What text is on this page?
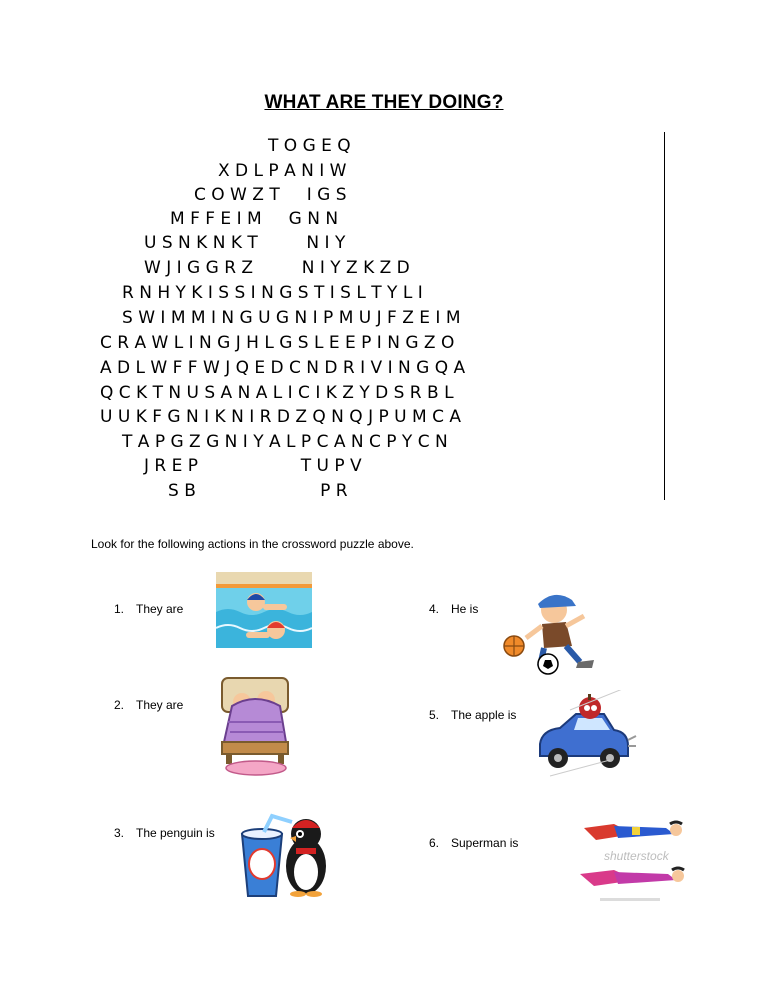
WHAT ARE THEY DOING?
T O G E Q
X D L P A N I W
C O W Z T     I G S
M F F E I M     G N N
U S N K N K T         N I Y
W J I G G R Z         N I Y Z K Z D
R N H Y K I S S I N G S T I S L T Y L I
S W I M M I N G U G N I P M U J F Z E I M
C R A W L I N G J H L G S L E E P I N G Z O
A D L W F F W J Q E D C N D R I V I N G Q A
Q C K T N U S A N A L I C I K Z Y D S R B L
U U K F G N I K N I R D Z Q N Q J P U M C A
T A P G Z G N I Y A L P C A N C P Y C N
J R E P                   T U P V
S B                       P R
Look for the following actions in the crossword puzzle above.
1. They are
2. They are
3. The penguin is
4. He is
5. The apple is
6. Superman is
shutterstock
